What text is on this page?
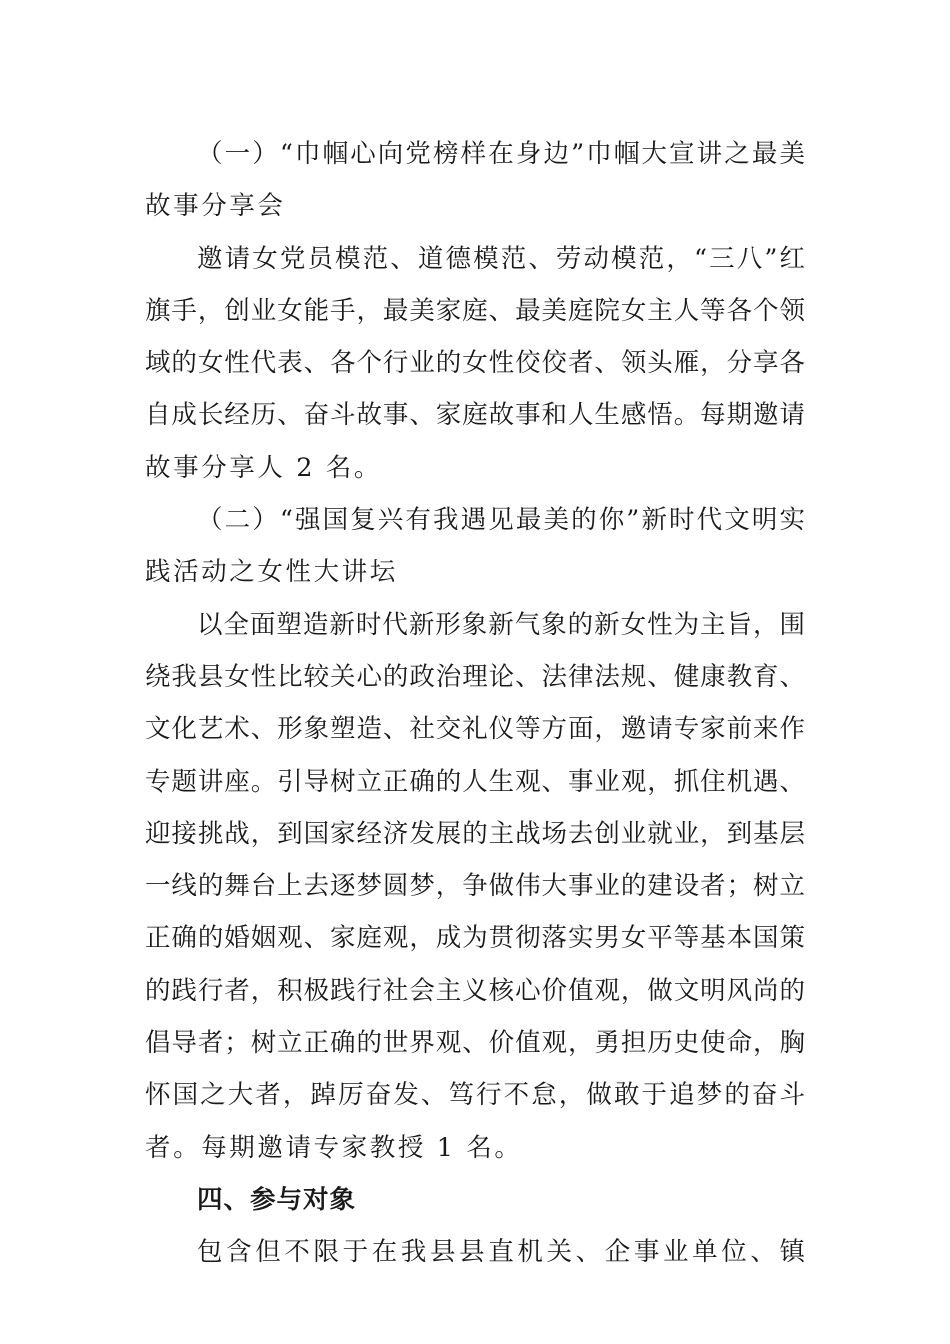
（一）“巾帼心向党榜样在身边”巾帼大宣讲之最美
故事分享会
邀请女党员模范、道德模范、劳动模范，“三八”红
旗手，创业女能手，最美家庭、最美庭院女主人等各个领
域的女性代表、各个行业的女性佼佼者、领头雁，分享各
自成长经历、奋斗故事、家庭故事和人生感悟。每期邀请
故事分享人 2 名。
（二）“强国复兴有我遇见最美的你”新时代文明实
践活动之女性大讲坛
以全面塑造新时代新形象新气象的新女性为主旨，围
绕我县女性比较关心的政治理论、法律法规、健康教育、
文化艺术、形象塑造、社交礼仪等方面，邀请专家前来作
专题讲座。引导树立正确的人生观、事业观，抓住机遇、
迎接挑战，到国家经济发展的主战场去创业就业，到基层
一线的舞台上去逐梦圆梦，争做伟大事业的建设者；树立
正确的婚姻观、家庭观，成为贯彻落实男女平等基本国策
的践行者，积极践行社会主义核心价值观，做文明风尚的
倡导者；树立正确的世界观、价值观，勇担历史使命，胸
怀国之大者，踔厉奋发、笃行不怠，做敢于追梦的奋斗
者。每期邀请专家教授 1 名。
四、参与对象
包含但不限于在我县县直机关、企事业单位、镇
